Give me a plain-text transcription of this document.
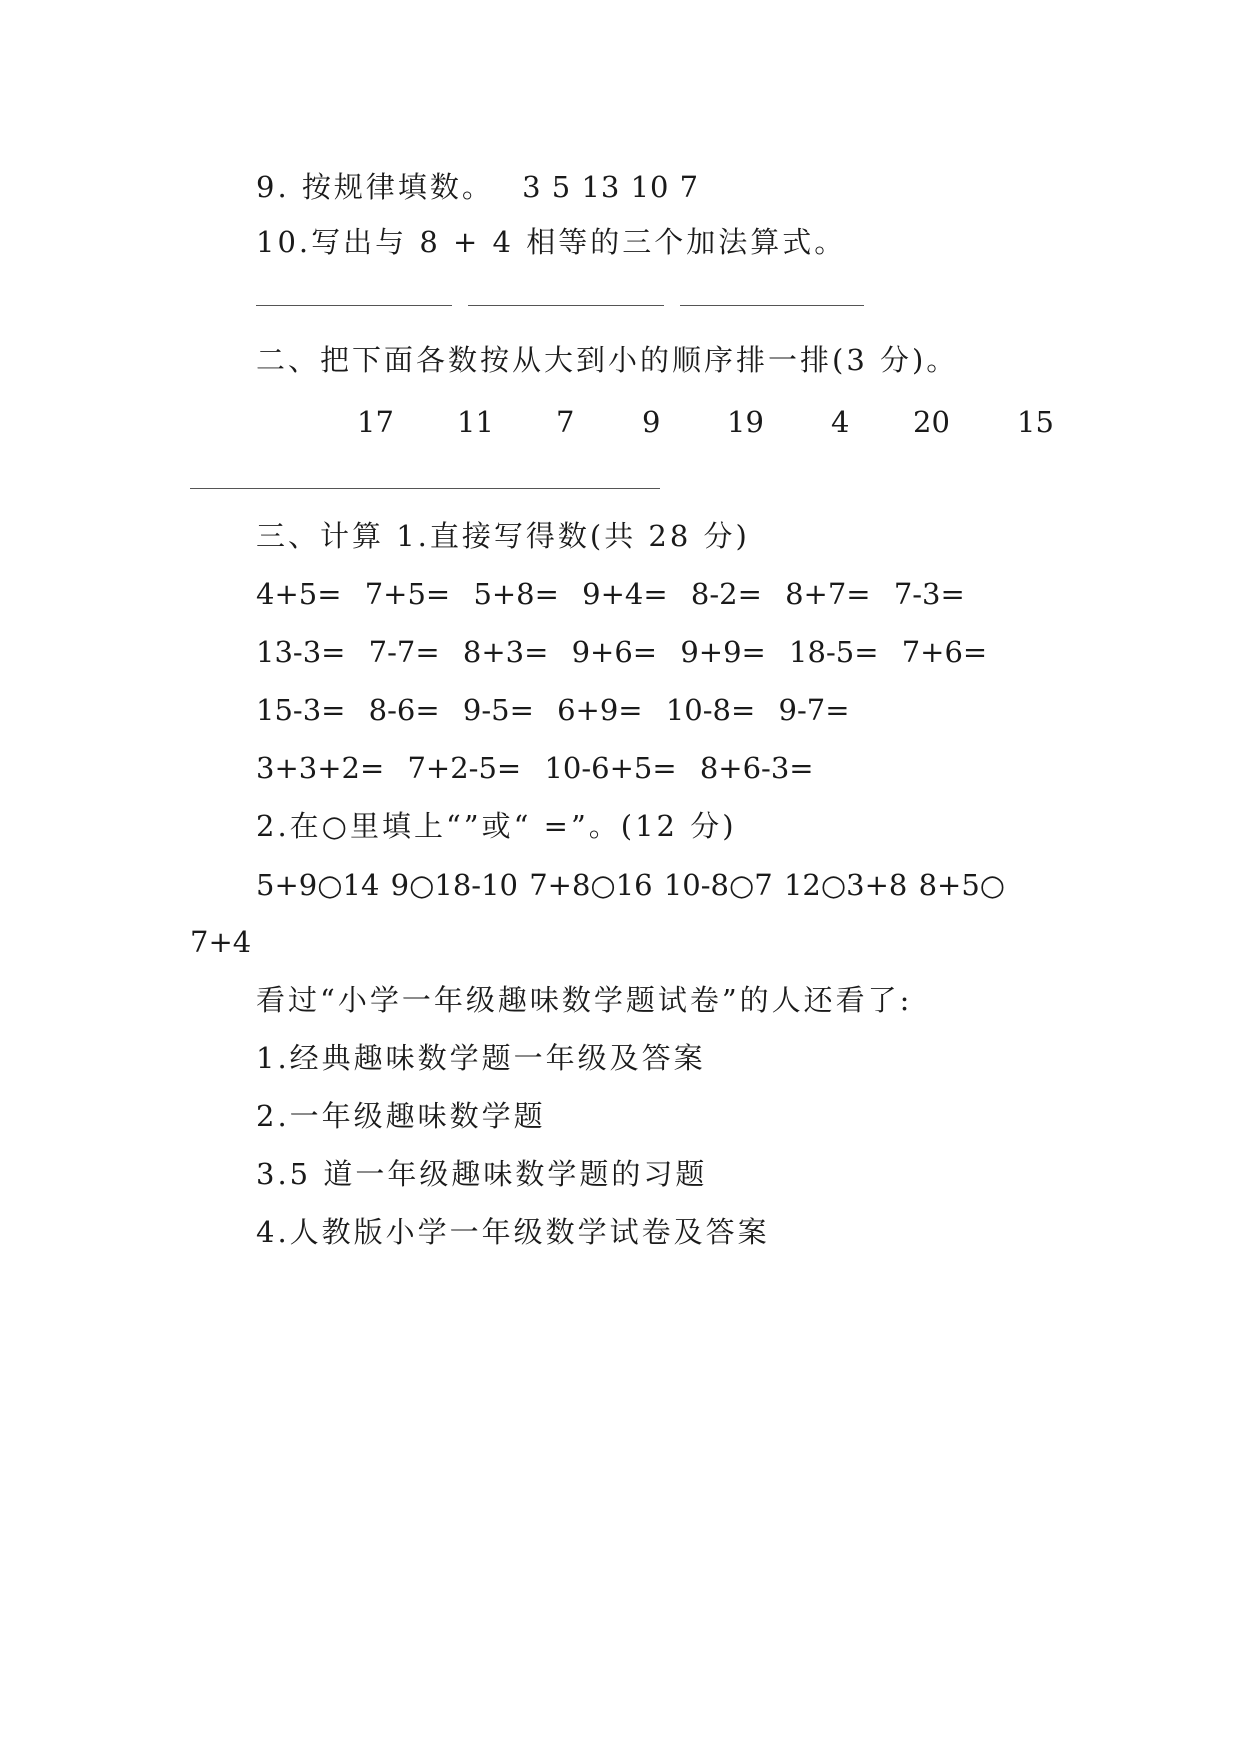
9. 按规律填数。 3 5 13 10 7
10.写出与 8 + 4 相等的三个加法算式。
二、把下面各数按从大到小的顺序排一排(3 分)。
17 11 7 9 19 4 20 15
三、计算 1.直接写得数(共 28 分)
4+5= 7+5= 5+8= 9+4= 8-2= 8+7= 7-3=
13-3= 7-7= 8+3= 9+6= 9+9= 18-5= 7+6=
15-3= 8-6= 9-5= 6+9= 10-8= 9-7=
3+3+2= 7+2-5= 10-6+5= 8+6-3=
2.在○里填上“”或“ =”。(12 分)
5+9○14 9○18-10 7+8○16 10-8○7 12○3+8 8+5○
7+4
看过“小学一年级趣味数学题试卷”的人还看了:
1.经典趣味数学题一年级及答案
2.一年级趣味数学题
3.5 道一年级趣味数学题的习题
4.人教版小学一年级数学试卷及答案
